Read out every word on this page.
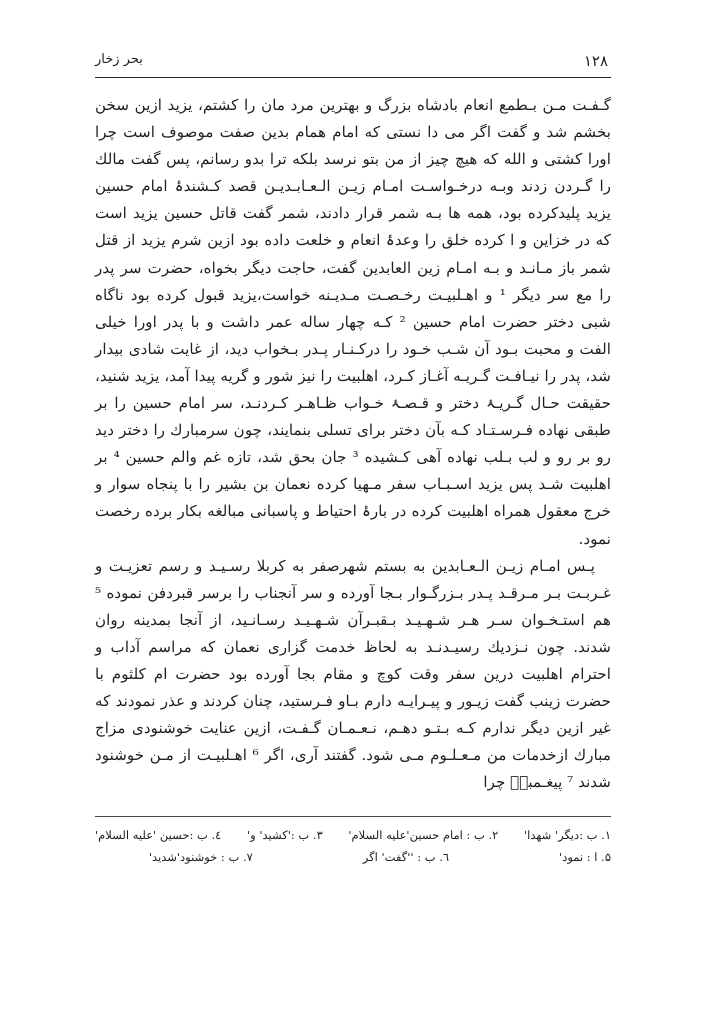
۱۲۸
بحر زخار

گـفـت مـن بـطمع انعام بادشاه بزرگ و بهترین مرد مان را کشتم، یزید ازین سخن بخشم شد و گفت اگر می دا نستی که امام همام بدین صفت موصوف است چرا اورا کشتی و الله که هیچ چیز از من بتو نرسد بلکه ترا بدو رسانم، پس گفت مالك را گـردن زدند وبـه درخـواسـت امـام زیـن الـعـابـدیـن قصد کـشندۂ امام حسین یزید پلیدکرده بود، همه ها بـه شمر قرار دادند، شمر گفت قاتل حسین یزید است که در خزاین و ا کرده خلق را وعدۂ انعام و خلعت داده بود ازین شرم یزید از قتل شمر باز مـانـد و بـه امـام زین العابدین گفت، حاجت دیگر بخواه، حضرت سر پدر را مع سر دیگر ¹ و اهـلبیـت رخـصـت مـدیـنه خواست،یزید قبول کرده بود ناگاه شبی دختر حضرت امام حسین ² کـه چهار ساله عمر داشت و با پدر اورا خیلی الفت و محبت بـود آن شـب خـود را درکـنـار پـدر بـخواب دید، از غایت شادی بیدار شد، پدر را نیـافـت گـریـه آغـاز کـرد، اهلبیت را نیز شور و گریه پیدا آمد، یزید شنید، حقیقت حـال گـریـۂ دختر و قـصـۂ خـواب ظـاهـر کـردنـد، سر امام حسین را بر طبقی نهاده فـرسـتـاد کـه بآن دختر برای تسلی بنمایند، چون سرمبارك را دختر دید رو بر رو و لب بـلب نهاده آهی کـشیده ³ جان بحق شد، تازه غم والم حسین ⁴ بر اهلبیت شـد پس یزید اسـبـاب سفر مـهیا کرده نعمان بن بشیر را با پنجاه سوار و خرج معقول همراه اهلبیت کرده در بارۂ احتیاط و پاسبانی مبالغه بکار برده رخصت نمود.

پـس امـام زیـن الـعـابدین به بستم شهرصفر به کربلا رسـیـد و رسم تعزیـت و غـربـت بـر مـرقـد پـدر بـزرگـوار بـجا آورده و سر آنجناب را برسر قبردفن نموده ⁵ هم استـخـوان سـر هـر شـهـیـد بـقبـرآن شـهـیـد رسـانـید، از آنجا بمدینه روان شدند. چون نـزدیك رسیـدنـد به لحاظ خدمت گزاری نعمان که مراسم آداب و احترام اهلبیت درین سفر وقت کوچ و مقام بجا آورده بود حضرت ام کلثوم با حضرت زینب گفت زیـور و پیـرایـه دارم بـاو فـرستید، چنان کردند و عذر نمودند که غیر ازین دیگر ندارم کـه بـتـو دهـم، نـعـمـان گـفـت، ازین عنایت خوشنودی مزاج مبارك ازخدمات من مـعـلـوم مـی شود. گفتند آری، اگر ⁶ اهـلبیـت از مـن خوشنود شدند ⁷ پیغـمبرؐ چرا

۱. ب :دیگر' شهدا'
۲. ب : امام حسین'علیه السلام'
۳. ب :'کشید' و'
٤. ب :حسین 'علیه السلام'
۵. ا : نمود'
٦. ب : ''گفت' اگر
۷. ب : خوشنود'شدید'
